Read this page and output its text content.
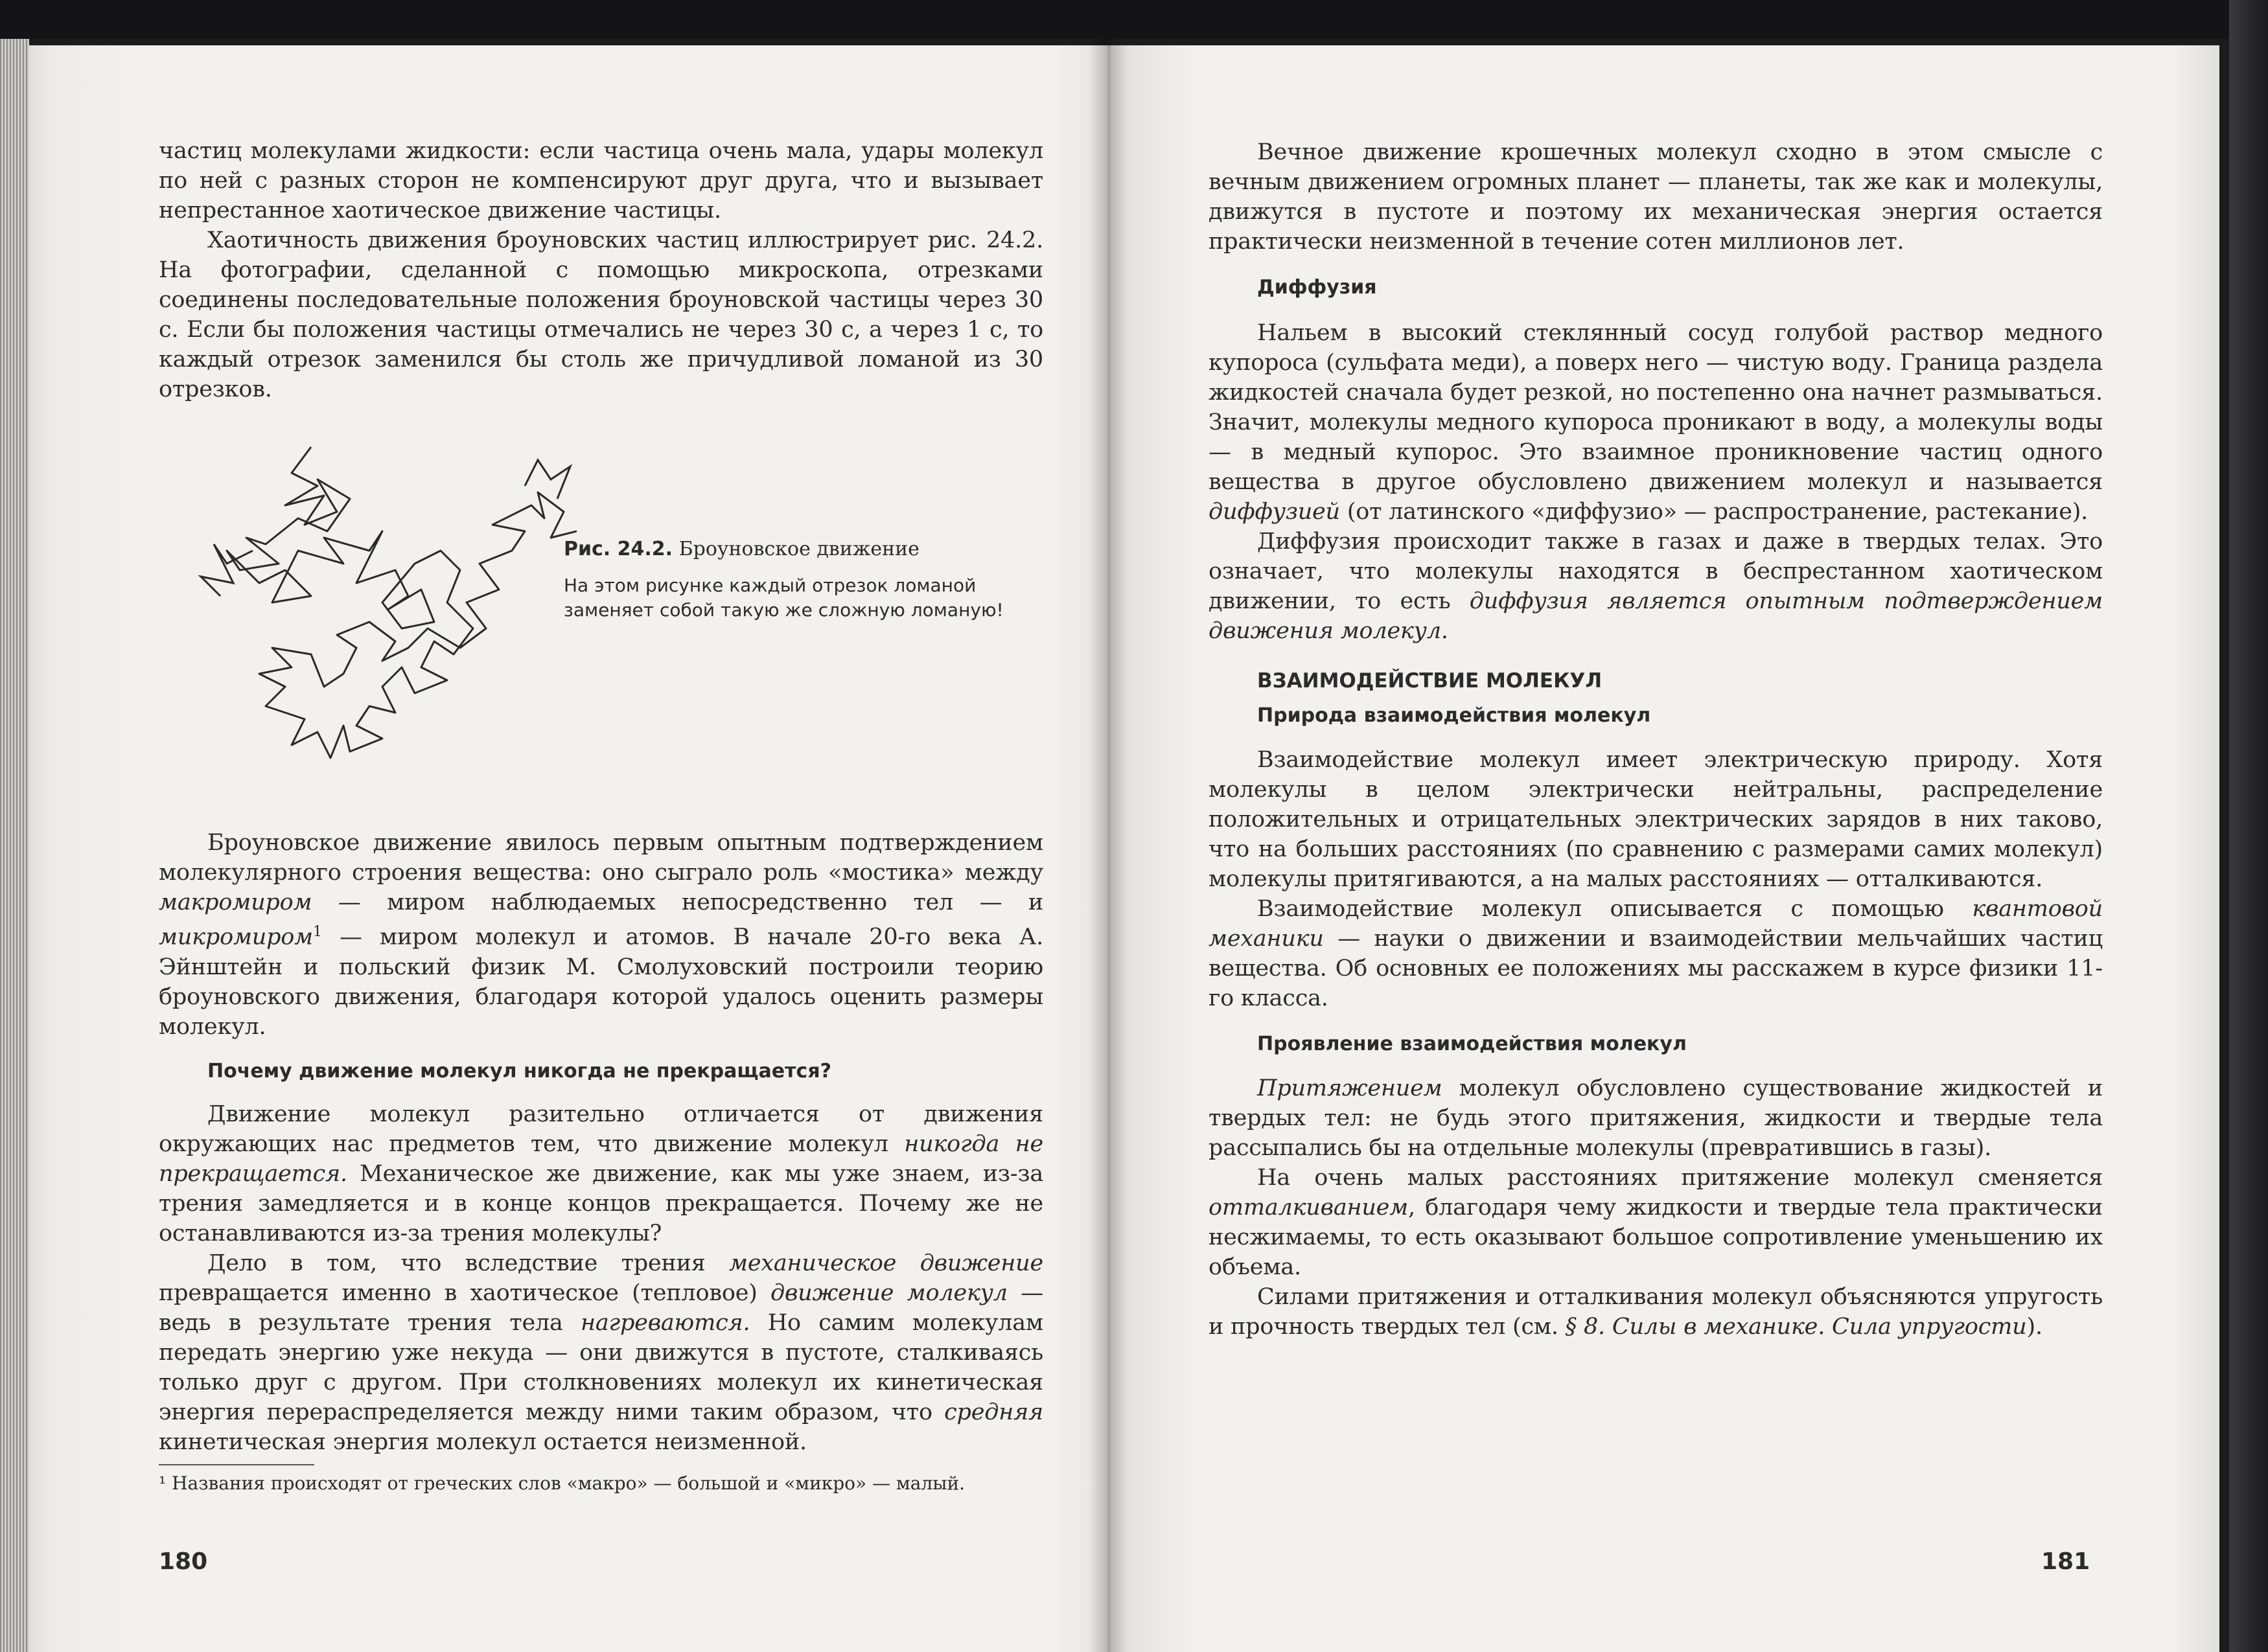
частиц молекулами жидкости: если частица очень мала, удары молекул по ней с разных сторон не компенсируют друг друга, что и вызывает непрестанное хаотическое движение частицы.

Хаотичность движения броуновских частиц иллюстрирует рис. 24.2. На фотографии, сделанной с помощью микроскопа, отрезками соединены последовательные положения броуновской частицы через 30 с. Если бы положения частицы отмечались не через 30 с, а через 1 с, то каждый отрезок заменился бы столь же причудливой ломаной из 30 отрезков.

Рис. 24.2. Броуновское движение

На этом рисунке каждый отрезок ломаной заменяет собой такую же сложную ломаную!

Броуновское движение явилось первым опытным подтверждением молекулярного строения вещества: оно сыграло роль «мостика» между макромиром — миром наблюдаемых непосредственно тел — и микромиром$^1$ — миром молекул и атомов. В начале 20-го века А. Эйнштейн и польский физик М. Смолуховский построили теорию броуновского движения, благодаря которой удалось оценить размеры молекул.

Почему движение молекул никогда не прекращается?

Движение молекул разительно отличается от движения окружающих нас предметов тем, что движение молекул никогда не прекращается. Механическое же движение, как мы уже знаем, из-за трения замедляется и в конце концов прекращается. Почему же не останавливаются из-за трения молекулы?

Дело в том, что вследствие трения механическое движение превращается именно в хаотическое (тепловое) движение молекул — ведь в результате трения тела нагреваются. Но самим молекулам передать энергию уже некуда — они движутся в пустоте, сталкиваясь только друг с другом. При столкновениях молекул их кинетическая энергия перераспределяется между ними таким образом, что средняя кинетическая энергия молекул остается неизменной.

¹ Названия происходят от греческих слов «макро» — большой и «микро» — малый.

180

Вечное движение крошечных молекул сходно в этом смысле с вечным движением огромных планет — планеты, так же как и молекулы, движутся в пустоте и поэтому их механическая энергия остается практически неизменной в течение сотен миллионов лет.

Диффузия

Нальем в высокий стеклянный сосуд голубой раствор медного купороса (сульфата меди), а поверх него — чистую воду. Граница раздела жидкостей сначала будет резкой, но постепенно она начнет размываться. Значит, молекулы медного купороса проникают в воду, а молекулы воды — в медный купорос. Это взаимное проникновение частиц одного вещества в другое обусловлено движением молекул и называется диффузией (от латинского «диффузио» — распространение, растекание).

Диффузия происходит также в газах и даже в твердых телах. Это означает, что молекулы находятся в беспрестанном хаотическом движении, то есть диффузия является опытным подтверждением движения молекул.

ВЗАИМОДЕЙСТВИЕ МОЛЕКУЛ

Природа взаимодействия молекул

Взаимодействие молекул имеет электрическую природу. Хотя молекулы в целом электрически нейтральны, распределение положительных и отрицательных электрических зарядов в них таково, что на больших расстояниях (по сравнению с размерами самих молекул) молекулы притягиваются, а на малых расстояниях — отталкиваются.

Взаимодействие молекул описывается с помощью квантовой механики — науки о движении и взаимодействии мельчайших частиц вещества. Об основных ее положениях мы расскажем в курсе физики 11-го класса.

Проявление взаимодействия молекул

Притяжением молекул обусловлено существование жидкостей и твердых тел: не будь этого притяжения, жидкости и твердые тела рассыпались бы на отдельные молекулы (превратившись в газы).

На очень малых расстояниях притяжение молекул сменяется отталкиванием, благодаря чему жидкости и твердые тела практически несжимаемы, то есть оказывают большое сопротивление уменьшению их объема.

Силами притяжения и отталкивания молекул объясняются упругость и прочность твердых тел (см. § 8. Силы в механике. Сила упругости).

181
